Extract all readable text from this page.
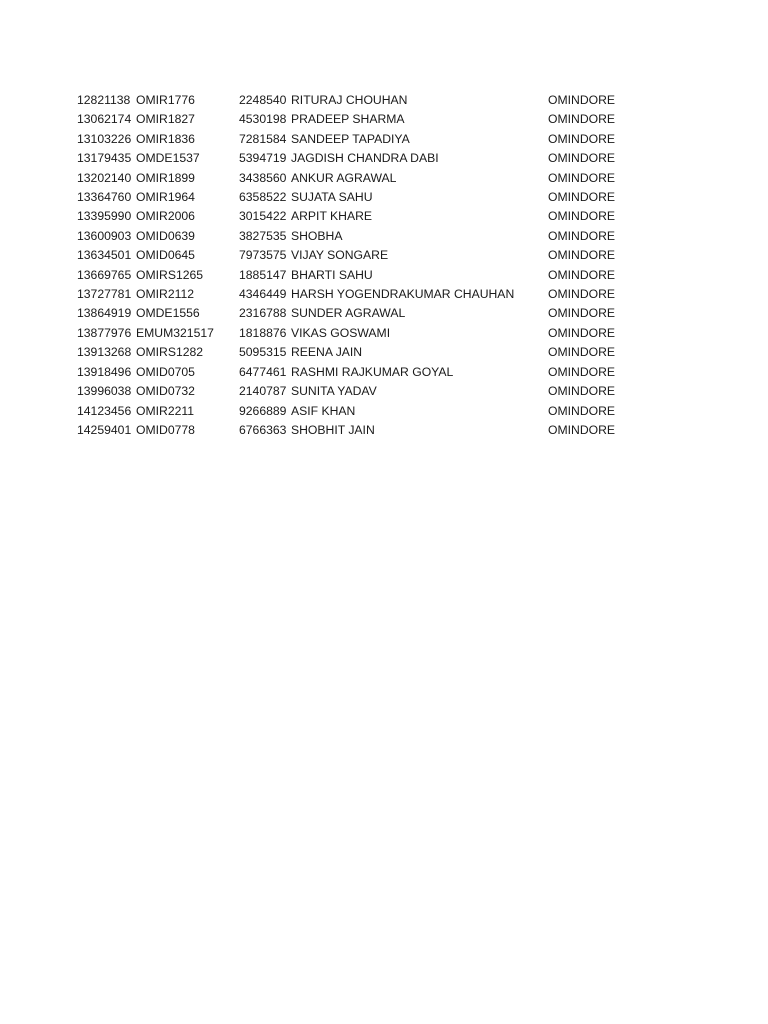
12821138	OMIR1776	2248540	RITURAJ CHOUHAN	OMINDORE
13062174	OMIR1827	4530198	PRADEEP SHARMA	OMINDORE
13103226	OMIR1836	7281584	SANDEEP TAPADIYA	OMINDORE
13179435	OMDE1537	5394719	JAGDISH CHANDRA DABI	OMINDORE
13202140	OMIR1899	3438560	ANKUR AGRAWAL	OMINDORE
13364760	OMIR1964	6358522	SUJATA SAHU	OMINDORE
13395990	OMIR2006	3015422	ARPIT KHARE	OMINDORE
13600903	OMID0639	3827535	SHOBHA	OMINDORE
13634501	OMID0645	7973575	VIJAY SONGARE	OMINDORE
13669765	OMIRS1265	1885147	BHARTI SAHU	OMINDORE
13727781	OMIR2112	4346449	HARSH YOGENDRAKUMAR CHAUHAN	OMINDORE
13864919	OMDE1556	2316788	SUNDER AGRAWAL	OMINDORE
13877976	EMUM321517	1818876	VIKAS GOSWAMI	OMINDORE
13913268	OMIRS1282	5095315	REENA JAIN	OMINDORE
13918496	OMID0705	6477461	RASHMI RAJKUMAR GOYAL	OMINDORE
13996038	OMID0732	2140787	SUNITA YADAV	OMINDORE
14123456	OMIR2211	9266889	ASIF KHAN	OMINDORE
14259401	OMID0778	6766363	SHOBHIT JAIN	OMINDORE
